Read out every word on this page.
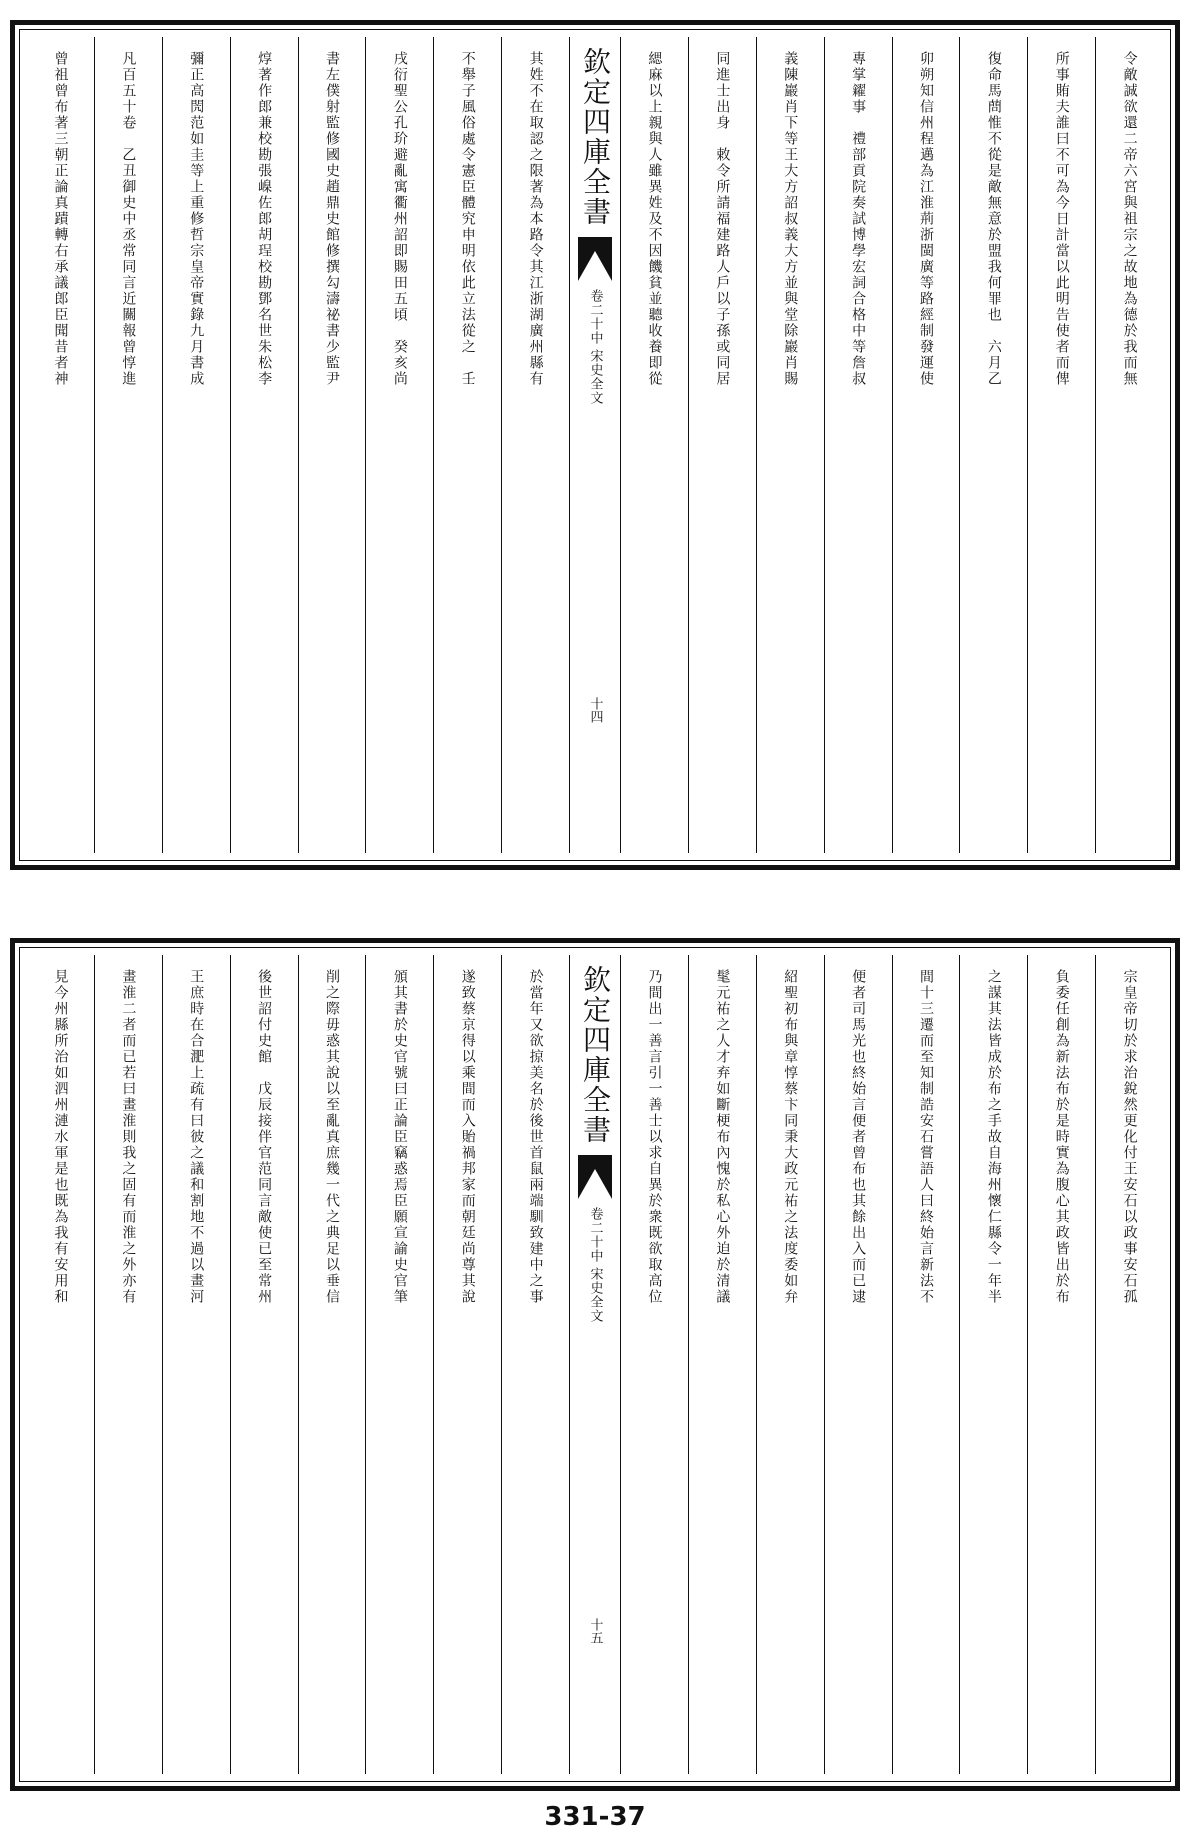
令敵誠欲還二帝六宮與祖宗之故地為德於我而無
所事賄夫誰曰不可為今日計當以此明告使者而俾
復命馬蔄惟不從是敵無意於盟我何罪也　六月乙
卯朔知信州程邁為江淮荊浙閩廣等路經制發運使
專掌糴事　禮部貢院奏試博學宏詞合格中等詹叔
義陳巖肖下等王大方詔叔義大方並與堂除巖肖賜
同進士出身　敕令所請福建路人戶以子孫或同居
緦麻以上親與人雖異姓及不因饑貧並聽收養即從
欽定四庫全書
宋史全文
卷二十中
十四
其姓不在取認之限著為本路令其江浙湖廣州縣有
不舉子風俗處令憲臣體究申明依此立法從之　壬
戌衍聖公孔玠避亂寓衢州詔即賜田五頃　癸亥尚
書左僕射監修國史趙鼎史館修撰勾濤祕書少監尹
焞著作郎兼校勘張嵲佐郎胡珵校勘鄧名世朱松李
彌正高閌范如圭等上重修哲宗皇帝實錄九月書成
凡百五十卷　乙丑御史中丞常同言近關報曾惇進
曾祖曾布著三朝正論真蹟轉右承議郎臣聞昔者神
宗皇帝切於求治銳然更化付王安石以政事安石孤
負委任創為新法布於是時實為腹心其政皆出於布
之謀其法皆成於布之手故自海州懷仁縣令一年半
間十三遷而至知制誥安石嘗語人曰終始言新法不
便者司馬光也終始言便者曾布也其餘出入而已逮
紹聖初布與章惇蔡卞同秉大政元祐之法度委如弁
髦元祐之人才弃如斷梗布內愧於私心外迫於清議
乃間出一善言引一善士以求自異於衆既欲取高位
欽定四庫全書
宋史全文
卷二十中
十五
於當年又欲掠美名於後世首鼠兩端馴致建中之事
遂致蔡京得以乘間而入貽禍邦家而朝廷尚尊其說
頒其書於史官號曰正論臣竊惑焉臣願宣諭史官筆
削之際毋惑其說以至亂真庶幾一代之典足以垂信
後世詔付史館　戊辰接伴官范同言敵使已至常州
王庶時在合淝上疏有曰彼之議和割地不過以畫河
畫淮二者而已若曰畫淮則我之固有而淮之外亦有
見今州縣所治如泗州漣水軍是也既為我有安用和
331-37
